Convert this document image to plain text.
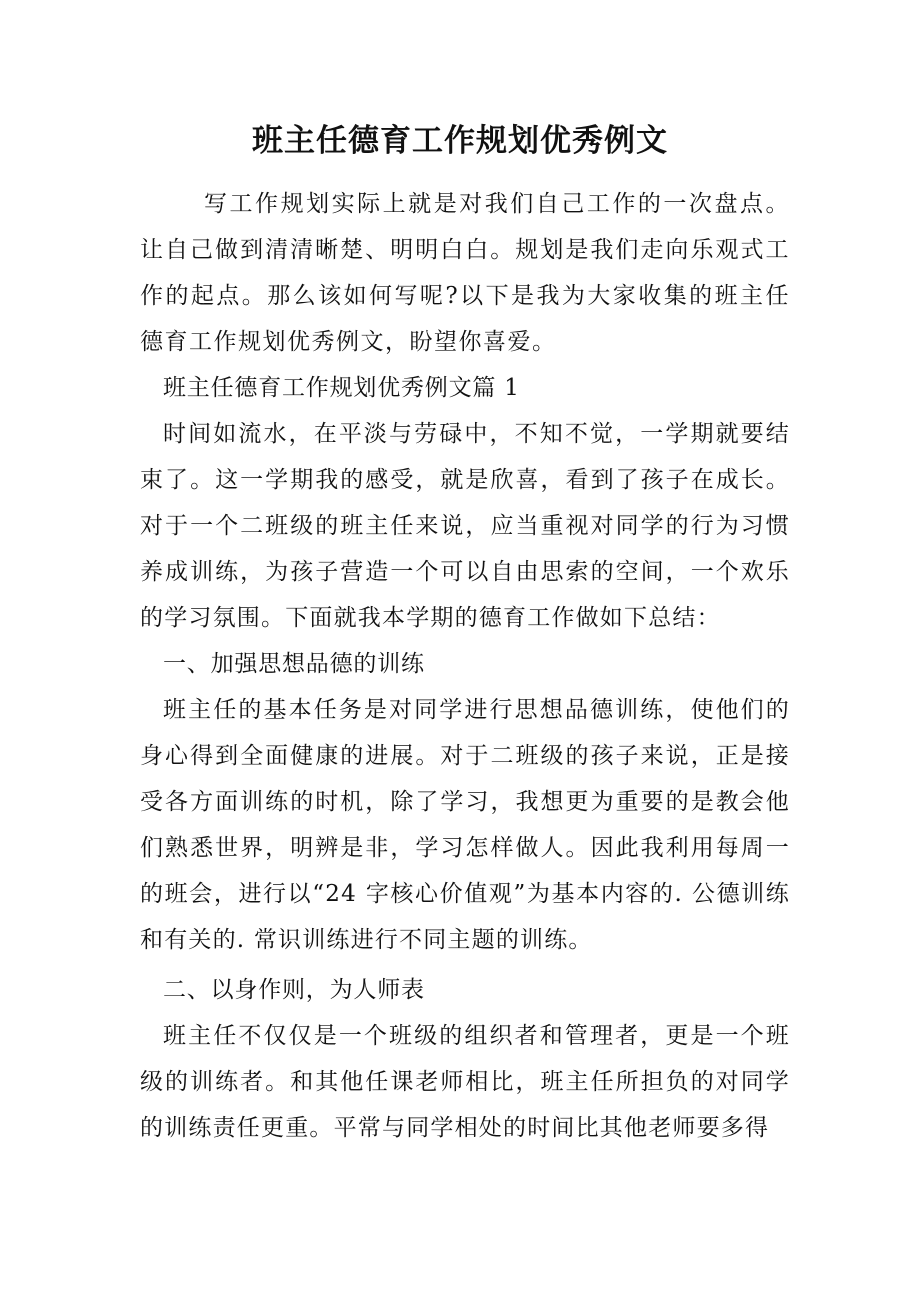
班主任德育工作规划优秀例文

写工作规划实际上就是对我们自己工作的一次盘点。让自己做到清清晰楚、明明白白。规划是我们走向乐观式工作的起点。那么该如何写呢?以下是我为大家收集的班主任德育工作规划优秀例文，盼望你喜爱。

班主任德育工作规划优秀例文篇 1

时间如流水，在平淡与劳碌中，不知不觉，一学期就要结束了。这一学期我的感受，就是欣喜，看到了孩子在成长。对于一个二班级的班主任来说，应当重视对同学的行为习惯养成训练，为孩子营造一个可以自由思索的空间，一个欢乐的学习氛围。下面就我本学期的德育工作做如下总结：

一、加强思想品德的训练

班主任的基本任务是对同学进行思想品德训练，使他们的身心得到全面健康的进展。对于二班级的孩子来说，正是接受各方面训练的时机，除了学习，我想更为重要的是教会他们熟悉世界，明辨是非，学习怎样做人。因此我利用每周一的班会，进行以“24 字核心价值观”为基本内容的. 公德训练和有关的. 常识训练进行不同主题的训练。

二、以身作则，为人师表

班主任不仅仅是一个班级的组织者和管理者，更是一个班级的训练者。和其他任课老师相比，班主任所担负的对同学的训练责任更重。平常与同学相处的时间比其他老师要多得
